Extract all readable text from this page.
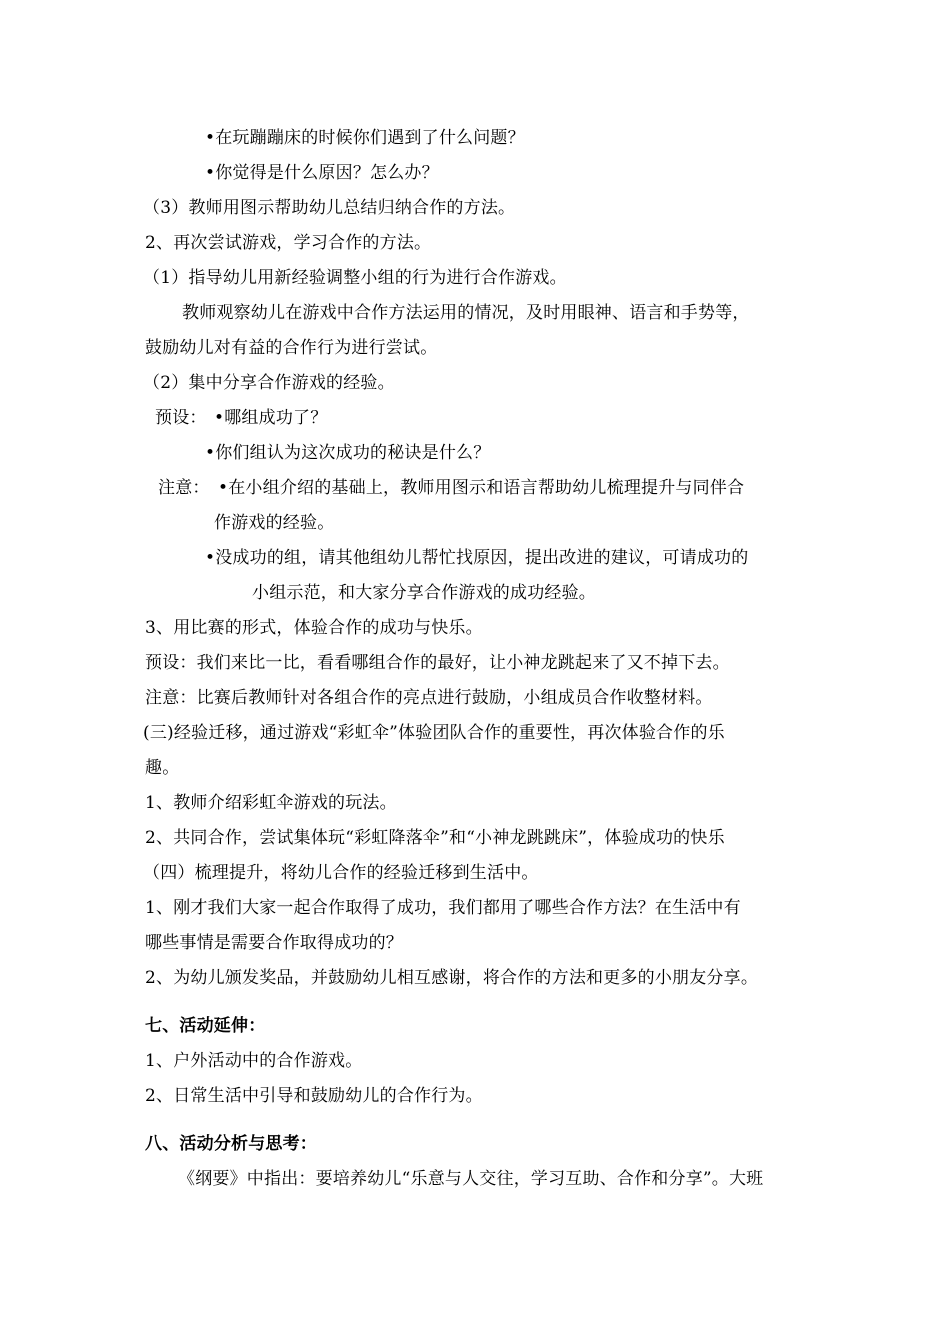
•在玩蹦蹦床的时候你们遇到了什么问题？
•你觉得是什么原因？怎么办？
（3）教师用图示帮助幼儿总结归纳合作的方法。
2、再次尝试游戏，学习合作的方法。
（1）指导幼儿用新经验调整小组的行为进行合作游戏。
教师观察幼儿在游戏中合作方法运用的情况，及时用眼神、语言和手势等，
鼓励幼儿对有益的合作行为进行尝试。
（2）集中分享合作游戏的经验。
预设： •哪组成功了？
•你们组认为这次成功的秘诀是什么？
注意： •在小组介绍的基础上，教师用图示和语言帮助幼儿梳理提升与同伴合
作游戏的经验。
•没成功的组，请其他组幼儿帮忙找原因，提出改进的建议，可请成功的
小组示范，和大家分享合作游戏的成功经验。
3、用比赛的形式，体验合作的成功与快乐。
预设：我们来比一比，看看哪组合作的最好，让小神龙跳起来了又不掉下去。
注意：比赛后教师针对各组合作的亮点进行鼓励，小组成员合作收整材料。
(三)经验迁移，通过游戏“彩虹伞”体验团队合作的重要性，再次体验合作的乐
趣。
1、教师介绍彩虹伞游戏的玩法。
2、共同合作，尝试集体玩“彩虹降落伞”和“小神龙跳跳床”，体验成功的快乐
（四）梳理提升，将幼儿合作的经验迁移到生活中。
1、刚才我们大家一起合作取得了成功，我们都用了哪些合作方法？在生活中有
哪些事情是需要合作取得成功的？
2、为幼儿颁发奖品，并鼓励幼儿相互感谢，将合作的方法和更多的小朋友分享。
七、活动延伸：
1、户外活动中的合作游戏。
2、日常生活中引导和鼓励幼儿的合作行为。
八、活动分析与思考：
《纲要》中指出：要培养幼儿“乐意与人交往，学习互助、合作和分享”。大班
